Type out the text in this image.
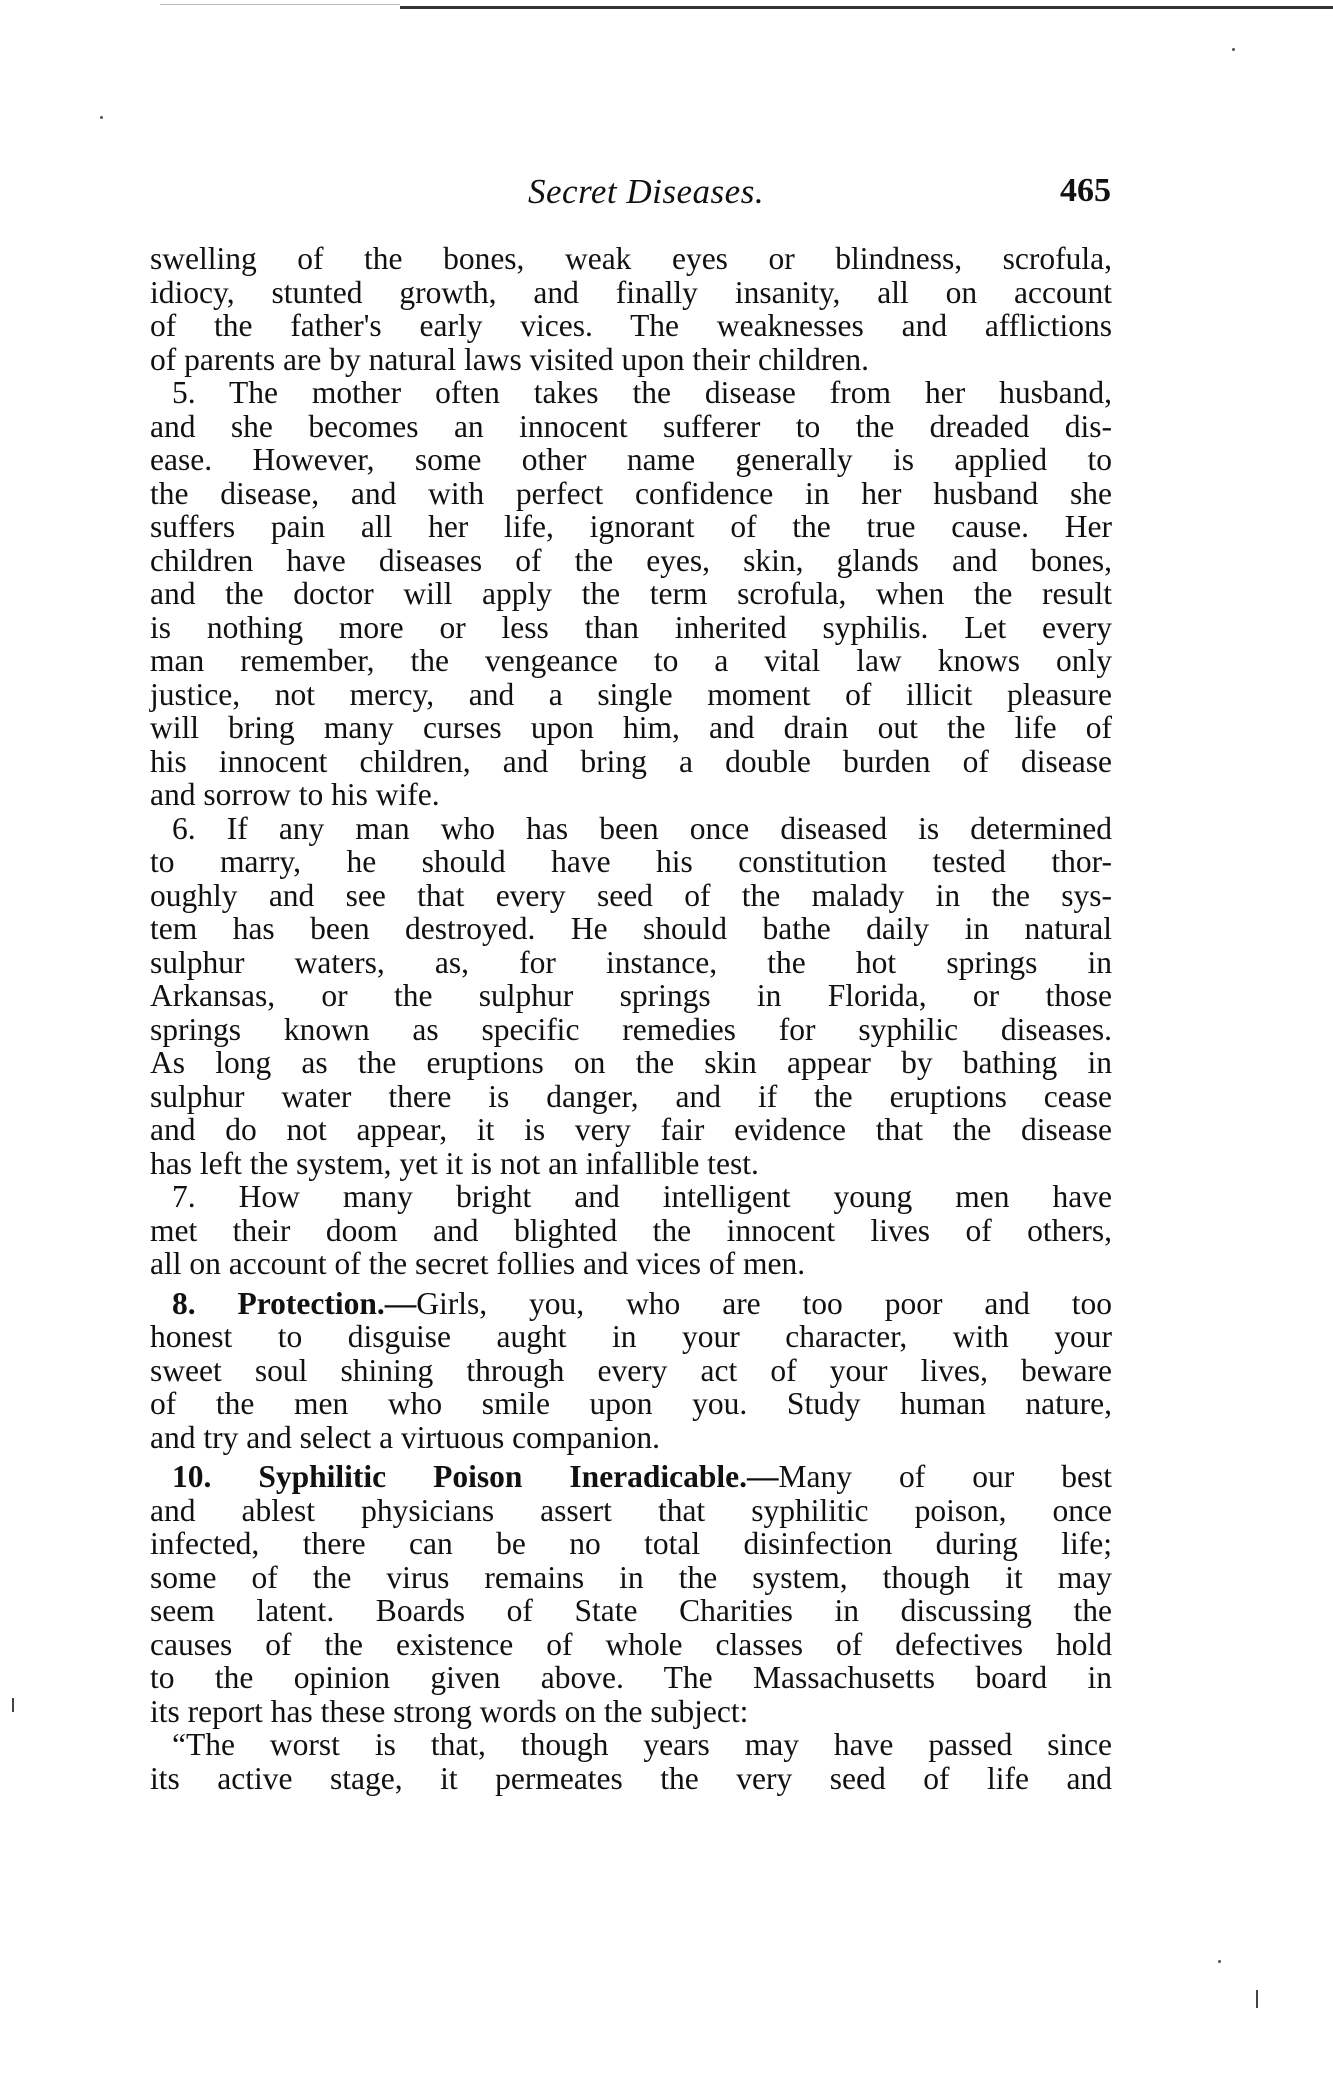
Secret Diseases.	465
swelling of the bones, weak eyes or blindness, scrofula,
idiocy, stunted growth, and finally insanity, all on account
of the father's early vices. The weaknesses and afflictions
of parents are by natural laws visited upon their children.
5. The mother often takes the disease from her husband,
and she becomes an innocent sufferer to the dreaded dis-
ease. However, some other name generally is applied to
the disease, and with perfect confidence in her husband she
suffers pain all her life, ignorant of the true cause. Her
children have diseases of the eyes, skin, glands and bones,
and the doctor will apply the term scrofula, when the result
is nothing more or less than inherited syphilis. Let every
man remember, the vengeance to a vital law knows only
justice, not mercy, and a single moment of illicit pleasure
will bring many curses upon him, and drain out the life of
his innocent children, and bring a double burden of disease
and sorrow to his wife.
6. If any man who has been once diseased is determined
to marry, he should have his constitution tested thor-
oughly and see that every seed of the malady in the sys-
tem has been destroyed. He should bathe daily in natural
sulphur waters, as, for instance, the hot springs in
Arkansas, or the sulphur springs in Florida, or those
springs known as specific remedies for syphilic diseases.
As long as the eruptions on the skin appear by bathing in
sulphur water there is danger, and if the eruptions cease
and do not appear, it is very fair evidence that the disease
has left the system, yet it is not an infallible test.
7. How many bright and intelligent young men have
met their doom and blighted the innocent lives of others,
all on account of the secret follies and vices of men.
8. Protection.—Girls, you, who are too poor and too
honest to disguise aught in your character, with your
sweet soul shining through every act of your lives, beware
of the men who smile upon you. Study human nature,
and try and select a virtuous companion.
10. Syphilitic Poison Ineradicable.—Many of our best
and ablest physicians assert that syphilitic poison, once
infected, there can be no total disinfection during life;
some of the virus remains in the system, though it may
seem latent. Boards of State Charities in discussing the
causes of the existence of whole classes of defectives hold
to the opinion given above. The Massachusetts board in
its report has these strong words on the subject:
“The worst is that, though years may have passed since
its active stage, it permeates the very seed of life and
